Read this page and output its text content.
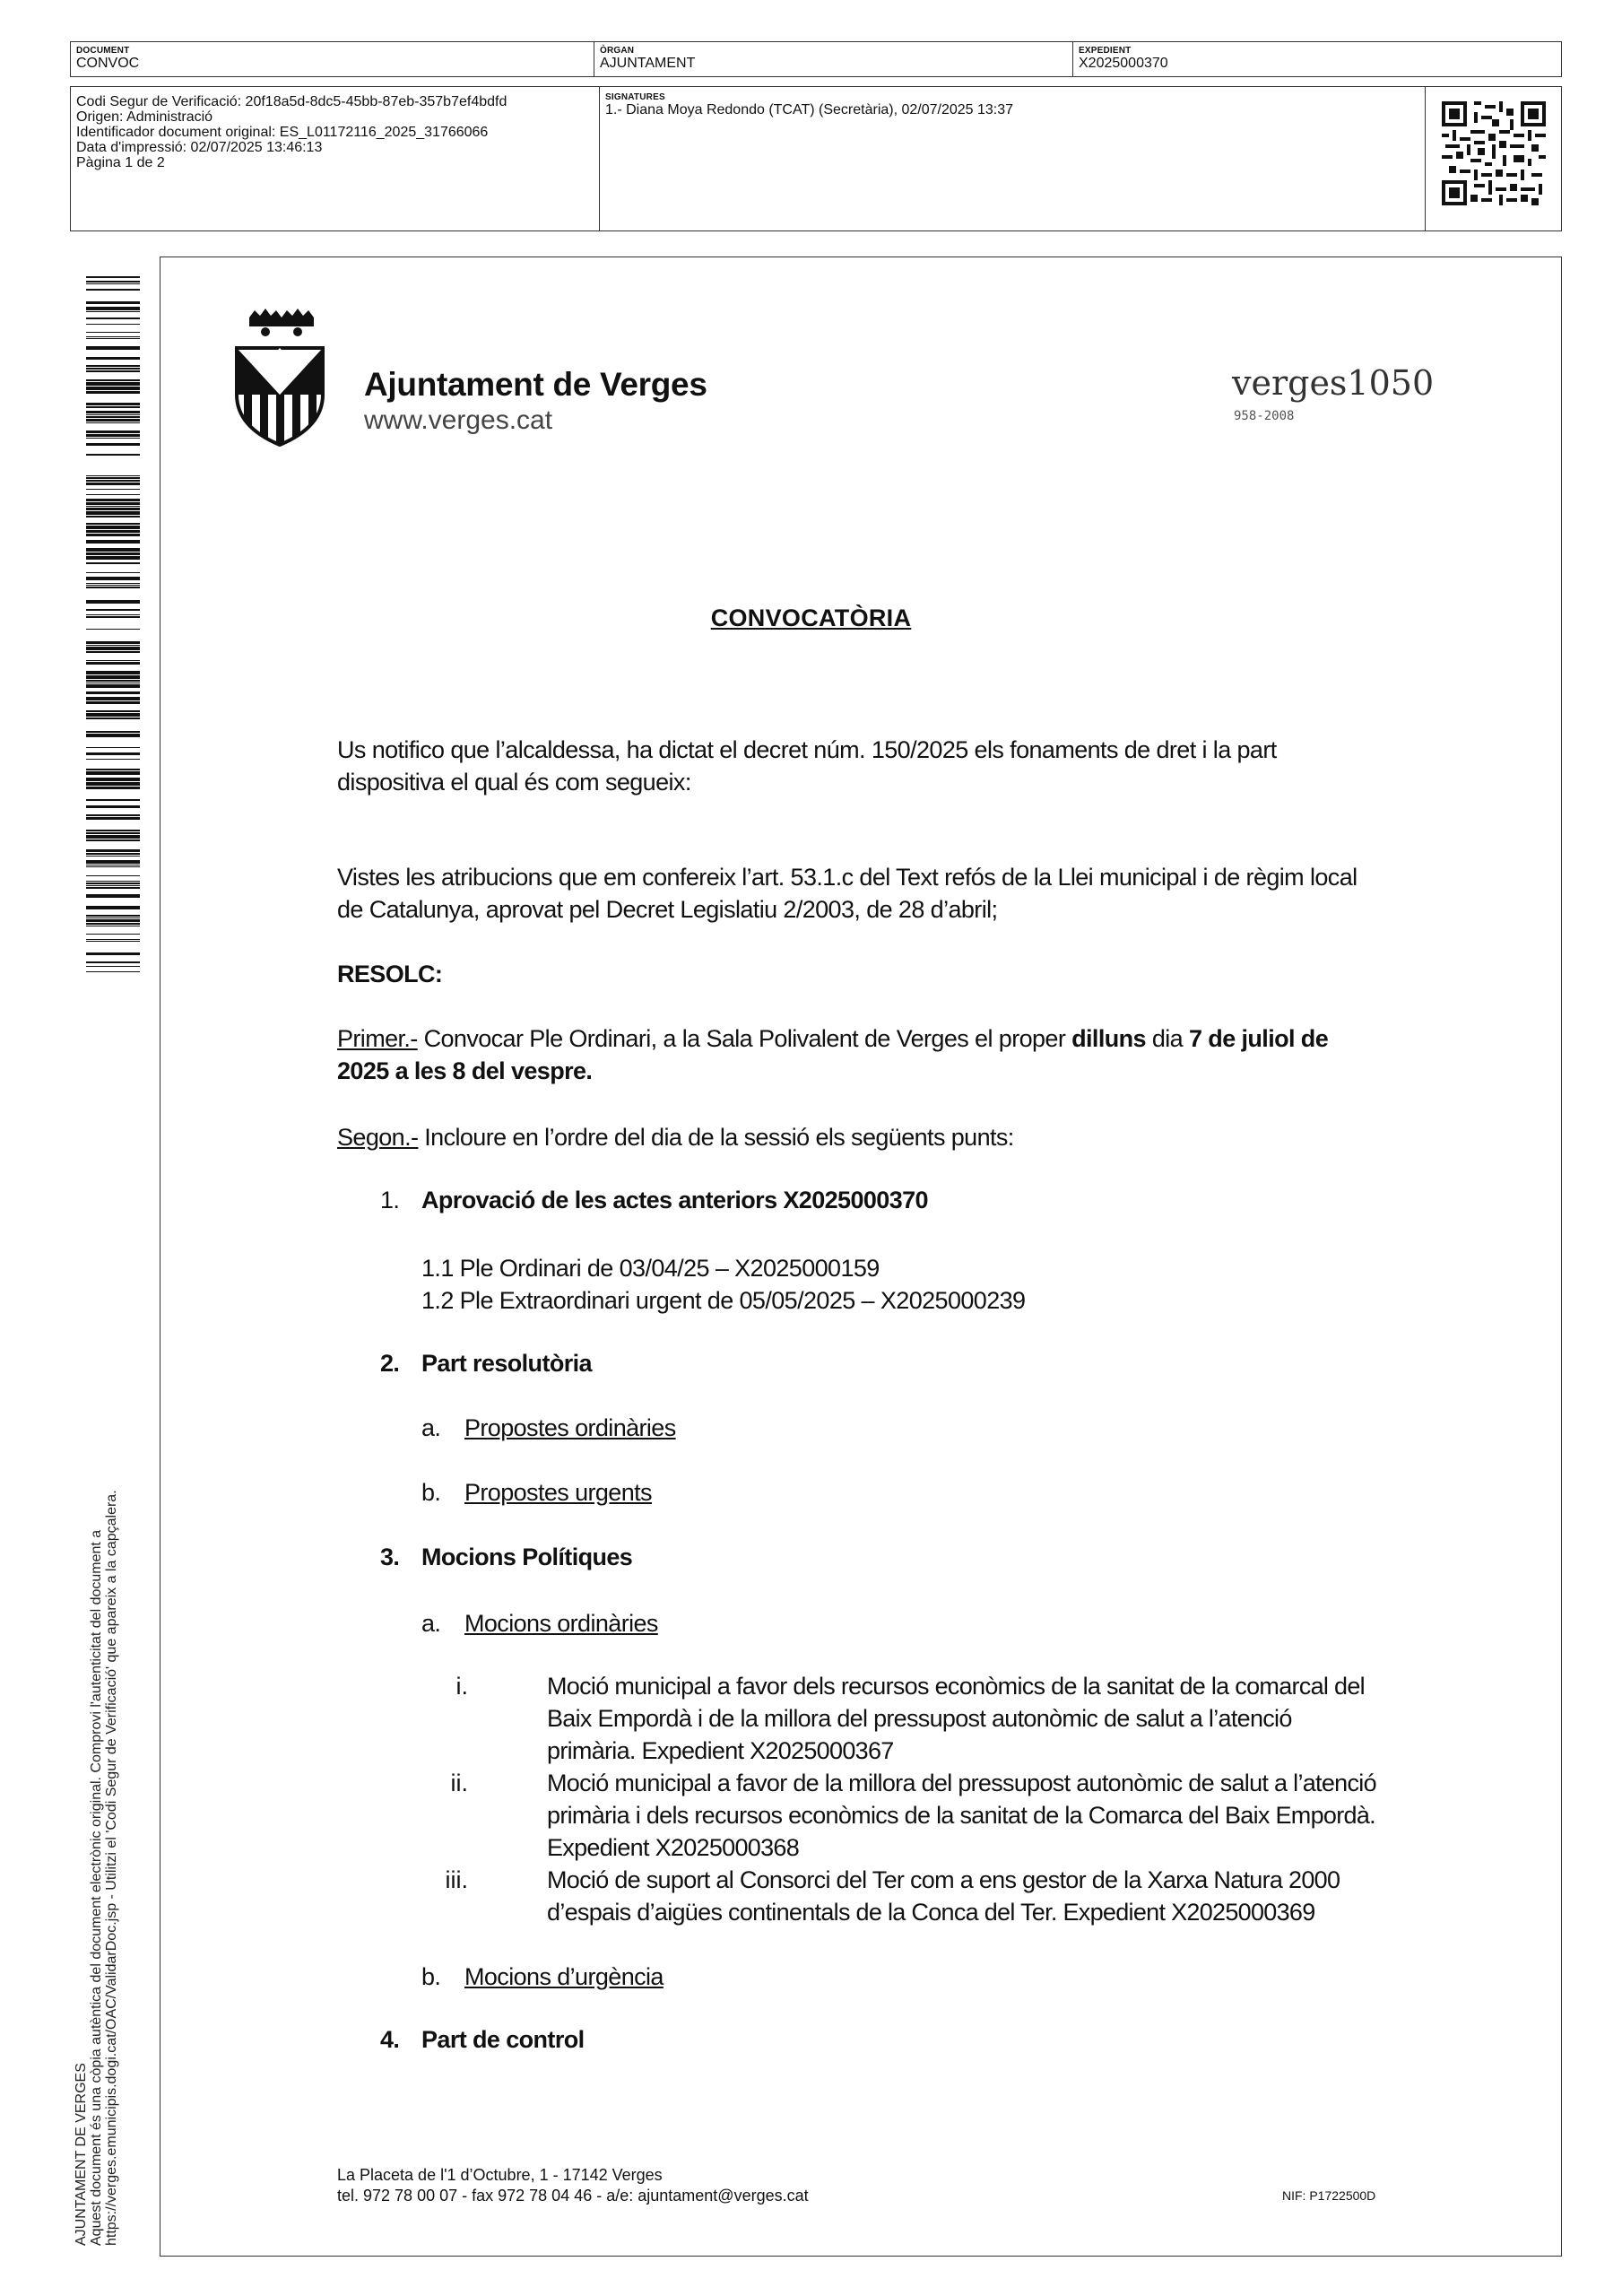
DOCUMENT
CONVOC
ÒRGAN
AJUNTAMENT
EXPEDIENT
X2025000370
Codi Segur de Verificació: 20f18a5d-8dc5-45bb-87eb-357b7ef4bdfd
Origen: Administració
Identificador document original: ES_L01172116_2025_31766066
Data d'impressió: 02/07/2025 13:46:13
Pàgina 1 de 2
SIGNATURES
1.- Diana Moya Redondo (TCAT) (Secretària), 02/07/2025 13:37
AJUNTAMENT DE VERGES Aquest document és una còpia autèntica del document electrònic original. Comprovi l'autenticitat del document a https://verges.emunicipis.dogi.cat/OAC/ValidarDoc.jsp - Utilitzi el 'Codi Segur de Verificació' que apareix a la capçalera.
Ajuntament de Verges
www.verges.cat
verges1050
958-2008
CONVOCATÒRIA
Us notifico que l’alcaldessa, ha dictat el decret núm. 150/2025 els fonaments de dret i la part dispositiva el qual és com segueix:
Vistes les atribucions que em confereix l’art. 53.1.c del Text refós de la Llei municipal i de règim local de Catalunya, aprovat pel Decret Legislatiu 2/2003, de 28 d’abril;
RESOLC:
Primer.- Convocar Ple Ordinari, a la Sala Polivalent de Verges el proper dilluns dia 7 de juliol de 2025 a les 8 del vespre.
Segon.- Incloure en l’ordre del dia de la sessió els següents punts:
1. Aprovació de les actes anteriors X2025000370
1.1 Ple Ordinari de 03/04/25 – X2025000159
1.2 Ple Extraordinari urgent de 05/05/2025 – X2025000239
2. Part resolutòria
a. Propostes ordinàries
b. Propostes urgents
3. Mocions Polítiques
a. Mocions ordinàries
i.	Moció municipal a favor dels recursos econòmics de la sanitat de la comarcal del Baix Empordà i de la millora del pressupost autonòmic de salut a l’atenció primària. Expedient X2025000367
ii.	Moció municipal a favor de la millora del pressupost autonòmic de salut a l’atenció primària i dels recursos econòmics de la sanitat de la Comarca del Baix Empordà. Expedient X2025000368
iii.	Moció de suport al Consorci del Ter com a ens gestor de la Xarxa Natura 2000 d’espais d’aigües continentals de la Conca del Ter. Expedient X2025000369
b. Mocions d’urgència
4. Part de control
La Placeta de l'1 d’Octubre, 1 - 17142 Verges
tel. 972 78 00 07 - fax 972 78 04 46 - a/e: ajuntament@verges.cat	NIF: P1722500D
